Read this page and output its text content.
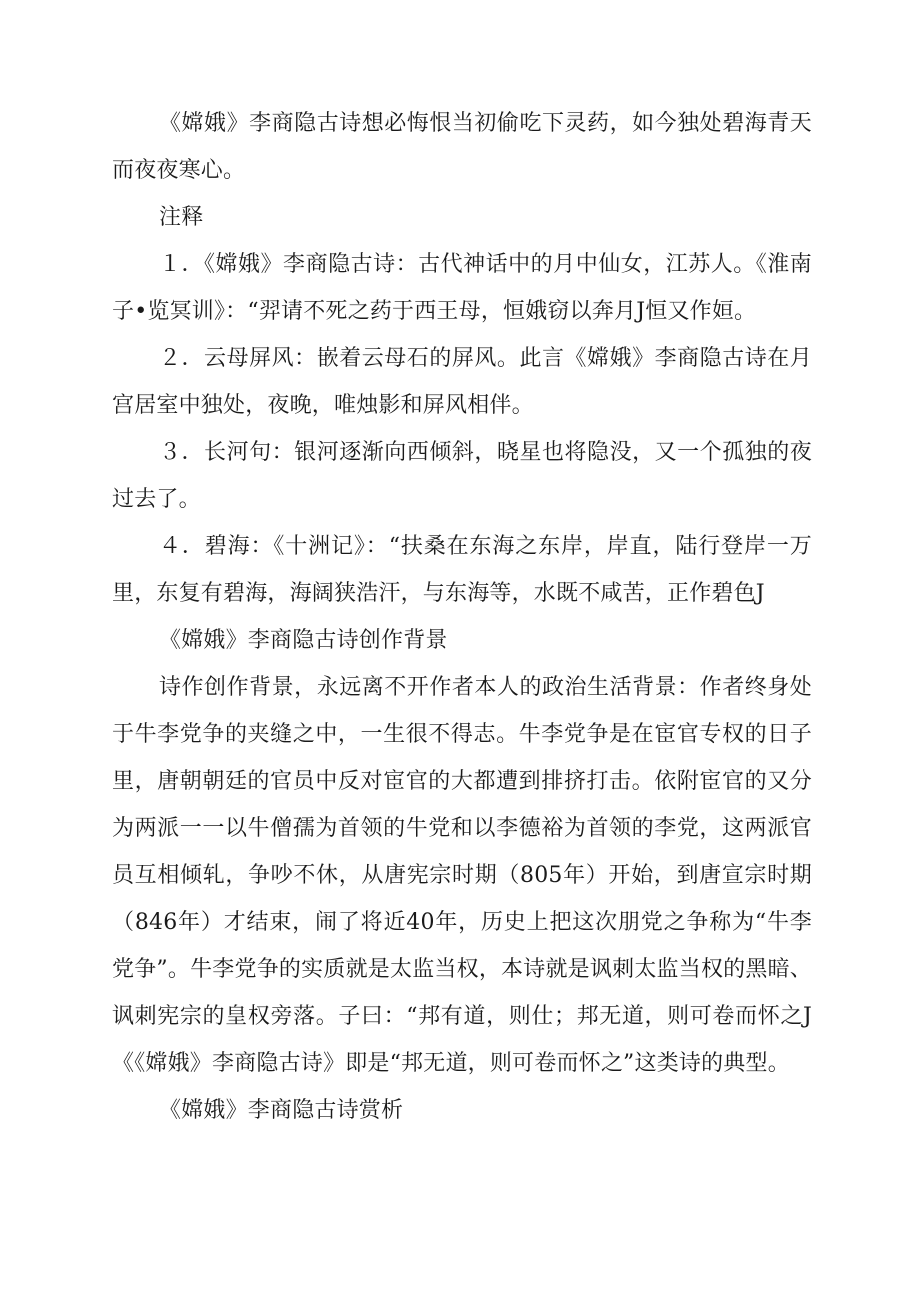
《嫦娥》李商隐古诗想必悔恨当初偷吃下灵药，如今独处碧海青天而夜夜寒心。

注释

１．《嫦娥》李商隐古诗：古代神话中的月中仙女，江苏人。《淮南子•览冥训》：“羿请不死之药于西王母，恒娥窃以奔月J恒又作姮。

２．云母屏风：嵌着云母石的屏风。此言《嫦娥》李商隐古诗在月宫居室中独处，夜晚，唯烛影和屏风相伴。

３．长河句：银河逐渐向西倾斜，晓星也将隐没，又一个孤独的夜过去了。

４．碧海：《十洲记》：“扶桑在东海之东岸，岸直，陆行登岸一万里，东复有碧海，海阔狭浩汗，与东海等，水既不咸苦，正作碧色J

《嫦娥》李商隐古诗创作背景

诗作创作背景，永远离不开作者本人的政治生活背景：作者终身处于牛李党争的夹缝之中，一生很不得志。牛李党争是在宦官专权的日子里，唐朝朝廷的官员中反对宦官的大都遭到排挤打击。依附宦官的又分为两派一一以牛僧孺为首领的牛党和以李德裕为首领的李党，这两派官员互相倾轧，争吵不休，从唐宪宗时期（805年）开始，到唐宣宗时期（846年）才结束，闹了将近40年，历史上把这次朋党之争称为“牛李党争”。牛李党争的实质就是太监当权，本诗就是讽刺太监当权的黑暗、讽刺宪宗的皇权旁落。子曰：“邦有道，则仕；邦无道，则可卷而怀之J《《嫦娥》李商隐古诗》即是“邦无道，则可卷而怀之”这类诗的典型。

《嫦娥》李商隐古诗赏析
